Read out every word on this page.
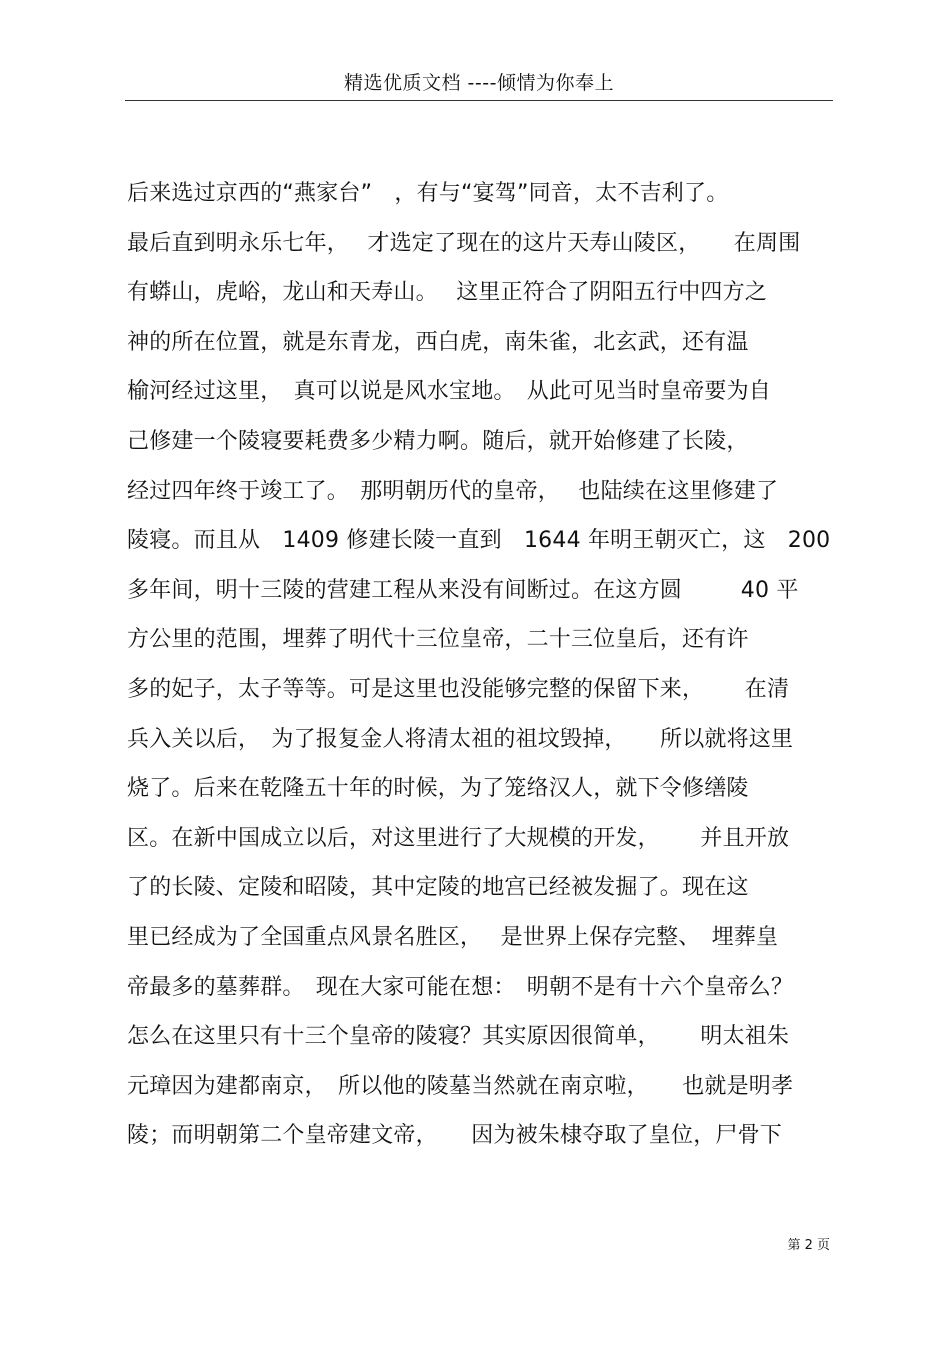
精选优质文档 ----倾情为你奉上
后来选过京西的“燕家台”　，有与“宴驾”同音，太不吉利了。
最后直到明永乐七年，　 才选定了现在的这片天寿山陵区，　　在周围
有蟒山，虎峪，龙山和天寿山。　 这里正符合了阴阳五行中四方之
神的所在位置，就是东青龙，西白虎，南朱雀，北玄武，还有温
榆河经过这里，　真可以说是风水宝地。　从此可见当时皇帝要为自
己修建一个陵寝要耗费多少精力啊。随后，就开始修建了长陵，
经过四年终于竣工了。　那明朝历代的皇帝，　 也陆续在这里修建了
陵寝。而且从　1409 修建长陵一直到　1644 年明王朝灭亡，这　200
多年间，明十三陵的营建工程从来没有间断过。在这方圆　　  40 平
方公里的范围，埋葬了明代十三位皇帝，二十三位皇后，还有许
多的妃子，太子等等。可是这里也没能够完整的保留下来，　　 在清
兵入关以后，　为了报复金人将清太祖的祖坟毁掉，　　所以就将这里
烧了。后来在乾隆五十年的时候，为了笼络汉人，就下令修缮陵
区。在新中国成立以后，对这里进行了大规模的开发，　　 并且开放
了的长陵、定陵和昭陵，其中定陵的地宫已经被发掘了。现在这
里已经成为了全国重点风景名胜区，　 是世界上保存完整、　埋葬皇
帝最多的墓葬群。　现在大家可能在想：　明朝不是有十六个皇帝么？
怎么在这里只有十三个皇帝的陵寝？其实原因很简单，　　 明太祖朱
元璋因为建都南京，　所以他的陵墓当然就在南京啦，　　也就是明孝
陵；而明朝第二个皇帝建文帝，　　因为被朱棣夺取了皇位，尸骨下
第 2 页
